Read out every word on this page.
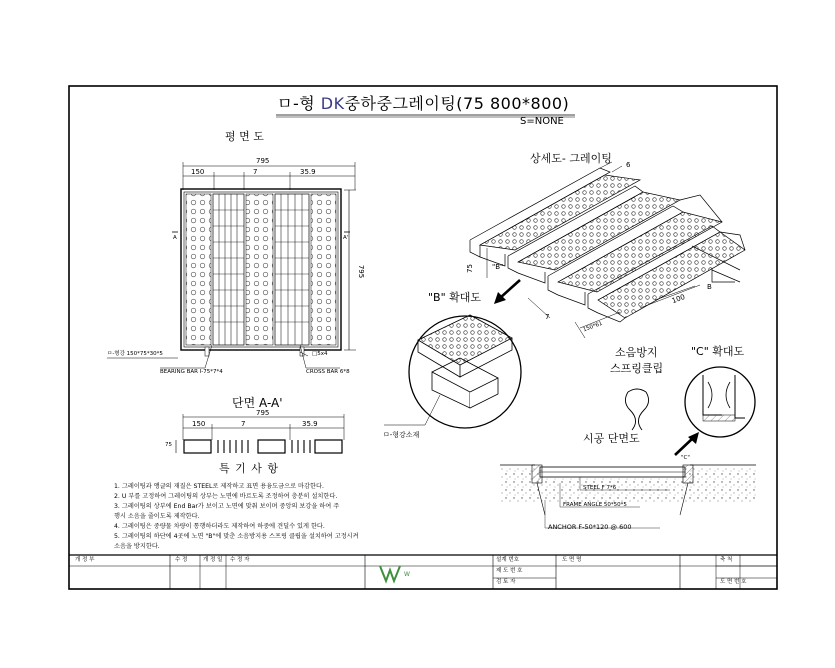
ㅁ-형 DK중하중그레이팅(75 800*800)
S=NONE
평 면 도
795
150	7	35.9
795
A	A'
ㅁ-형강 150*75*30*5
BEARING BAR I-75*7*4	CROSS BAR 6*8
□5x4
단면 A-A'
795
150	7	35.9
75
특 기 사 항
1. 그레이팅과 앵글의 재질은 STEEL로 제작하고 표면 용융도금으로 마감한다.
2. U 부를 고정하여 그레이팅의 상부는 노면에 바르도록 조정하여 충분히 설치한다.
3. 그레이팅의 상부에 End Bar가 보이고 노면에 맞춰 보이며 중앙의 보강을 하여 주
행시 소음을 줄이도록 제작한다.
4. 그레이팅은 중량물 차량이 통행하더라도 제작하여 하중에 견딜수 있게 한다.
5. 그레이팅의 하단에 4곳에 노면 "B"에 맞춘 소음방지용 스프링 클립을 설치하여 고정시켜
소음을 방지한다.
상세도- 그레이팅 6
75	"B"
100
B
7
150*61
"B" 확대도
ㅁ-형강소재
소음방지
스프링클립
"C" 확대도
시공 단면도
"C"
STEEL F 7*6
FRAME ANGLE 50*50*5
ANCHOR F-50*120 @ 600
개 정 부	수 정	개 정 일 수 정 자	설계 번호
제 도 번 호
검 토 자
도 면 명	축 척
도 면 번 호
W
